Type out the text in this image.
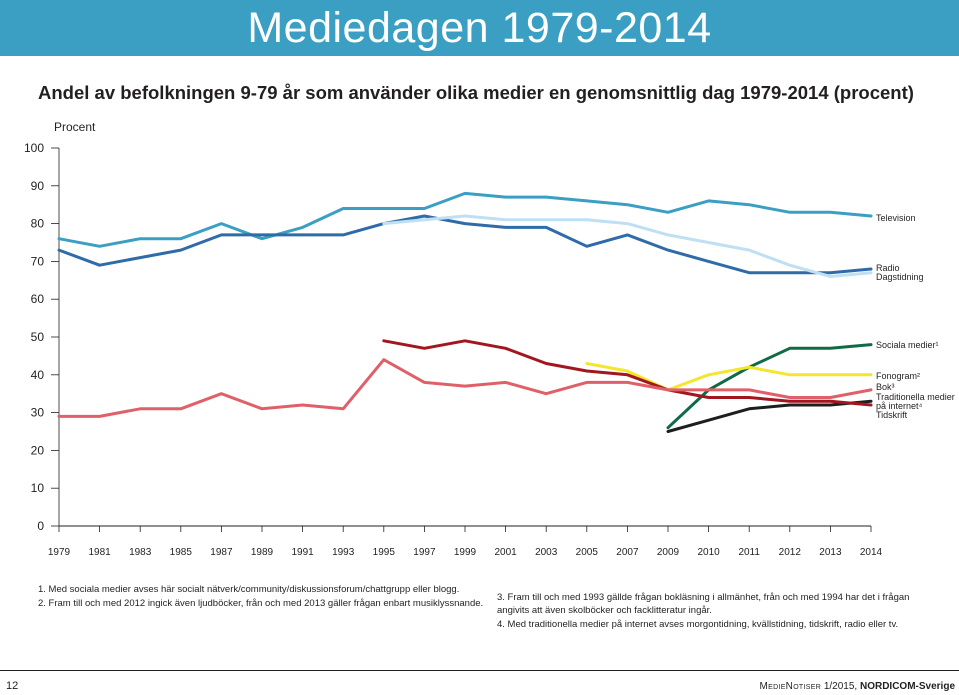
Mediedagen 1979-2014
Andel av befolkningen 9-79 år som använder olika medier en genomsnittlig dag 1979-2014 (procent)
0
10
20
30
40
50
60
70
80
90
100
Procent
1979 1981 1983 1985 1987 1989 1991 1993 1995 1997 1999 2001 2003 2005 2007 2009 2010 2011 2012 2013 2014
Television
Radio
Dagstidning
Sociala medier¹
Fonogram²
Bok³
Traditionella medier på internet⁴
Tidskrift

1. Med sociala medier avses här socialt nätverk/community/diskussionsforum/chattgrupp eller blogg.

2. Fram till och med 2012 ingick även ljudböcker, från och med 2013 gäller frågan enbart musiklyssnande.

3. Fram till och med 1993 gällde frågan bokläsning i allmänhet, från och med 1994 har det i frågan angivits att även skolböcker och facklitteratur ingår.

4. Med traditionella medier på internet avses morgontidning, kvällstidning, tidskrift, radio eller tv.

12	MedieNotiser 1/2015, NORDICOM-Sverige
